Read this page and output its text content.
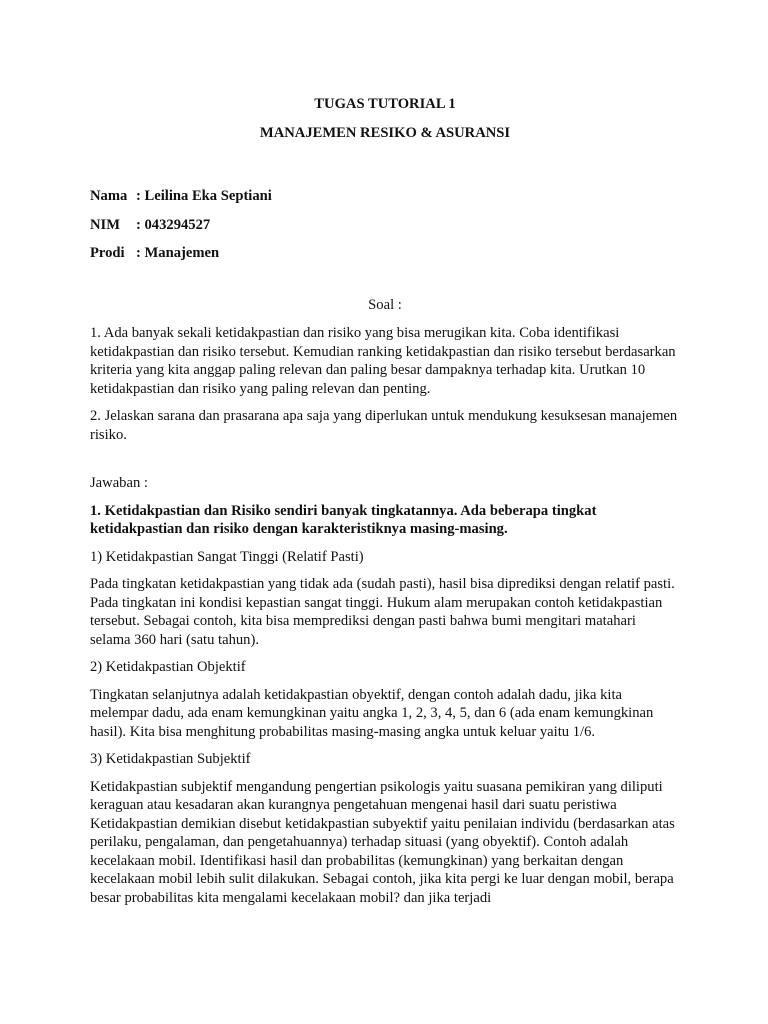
TUGAS TUTORIAL 1

MANAJEMEN RESIKO & ASURANSI

Nama : Leilina Eka Septiani
NIM	: 043294527
Prodi : Manajemen

Soal :

1. Ada banyak sekali ketidakpastian dan risiko yang bisa merugikan kita. Coba identifikasi ketidakpastian dan risiko tersebut. Kemudian ranking ketidakpastian dan risiko tersebut berdasarkan kriteria yang kita anggap paling relevan dan paling besar dampaknya terhadap kita. Urutkan 10 ketidakpastian dan risiko yang paling relevan dan penting.

2. Jelaskan sarana dan prasarana apa saja yang diperlukan untuk mendukung kesuksesan manajemen risiko.

Jawaban :

1. Ketidakpastian dan Risiko sendiri banyak tingkatannya. Ada beberapa tingkat ketidakpastian dan risiko dengan karakteristiknya masing-masing.

1) Ketidakpastian Sangat Tinggi (Relatif Pasti)

Pada tingkatan ketidakpastian yang tidak ada (sudah pasti), hasil bisa diprediksi dengan relatif pasti. Pada tingkatan ini kondisi kepastian sangat tinggi. Hukum alam merupakan contoh ketidakpastian tersebut. Sebagai contoh, kita bisa memprediksi dengan pasti bahwa bumi mengitari matahari selama 360 hari (satu tahun).

2) Ketidakpastian Objektif

Tingkatan selanjutnya adalah ketidakpastian obyektif, dengan contoh adalah dadu, jika kita melempar dadu, ada enam kemungkinan yaitu angka 1, 2, 3, 4, 5, dan 6 (ada enam kemungkinan hasil). Kita bisa menghitung probabilitas masing-masing angka untuk keluar yaitu 1/6.

3) Ketidakpastian Subjektif

Ketidakpastian subjektif mengandung pengertian psikologis yaitu suasana pemikiran yang diliputi keraguan atau kesadaran akan kurangnya pengetahuan mengenai hasil dari suatu peristiwa Ketidakpastian demikian disebut ketidakpastian subyektif yaitu penilaian individu (berdasarkan atas perilaku, pengalaman, dan pengetahuannya) terhadap situasi (yang obyektif). Contoh adalah kecelakaan mobil. Identifikasi hasil dan probabilitas (kemungkinan) yang berkaitan dengan kecelakaan mobil lebih sulit dilakukan. Sebagai contoh, jika kita pergi ke luar dengan mobil, berapa besar probabilitas kita mengalami kecelakaan mobil? dan jika terjadi
